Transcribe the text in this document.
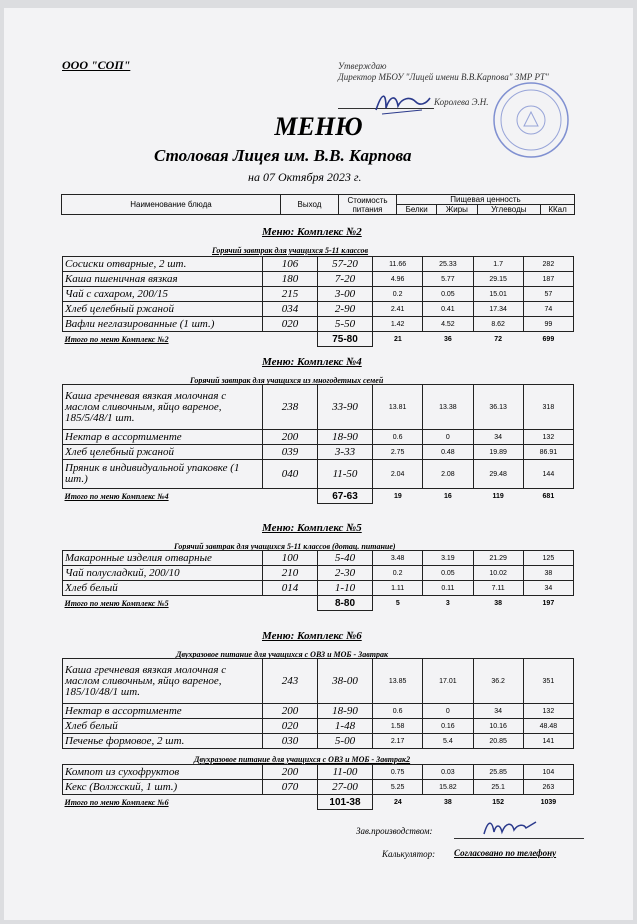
ООО "СОП"	Утверждаю
Директор МБОУ "Лицей имени В.В.Карпова" ЗМР РТ"
Королева Э.Н.
МЕНЮ
Столовая Лицея им. В.В. Карпова
на 07 Октября 2023 г.
Наименование блюда	Выход	Стоимость питания	Пищевая ценность			
			Белки	Жиры	Углеводы	ККал
Меню: Комплекс №2
Горячий завтрак для учащихся 5-11 классов
Сосиски отварные, 2 шт.	106	57-20	11.66	25.33	1.7	282
Каша пшеничная вязкая	180	7-20	4.96	5.77	29.15	187
Чай с сахаром, 200/15	215	3-00	0.2	0.05	15.01	57
Хлеб целебный ржаной	034	2-90	2.41	0.41	17.34	74
Вафли неглазированные (1 шт.)	020	5-50	1.42	4.52	8.62	99
Итого по меню Комплекс №2		75-80	21	36	72	699
Меню: Комплекс №4
Горячий завтрак для учащихся из многодетных семей
Каша гречневая вязкая молочная с маслом сливочным, яйцо вареное, 185/5/48/1 шт.	238	33-90	13.81	13.38	36.13	318
Нектар в ассортименте	200	18-90	0.6	0	34	132
Хлеб целебный ржаной	039	3-33	2.75	0.48	19.89	86.91
Пряник в индивидуальной упаковке (1 шт.)	040	11-50	2.04	2.08	29.48	144
Итого по меню Комплекс №4		67-63	19	16	119	681
Меню: Комплекс №5
Горячий завтрак для учащихся 5-11 классов (дотац. питание)
Макаронные изделия отварные	100	5-40	3.48	3.19	21.29	125
Чай полусладкий, 200/10	210	2-30	0.2	0.05	10.02	38
Хлеб белый	014	1-10	1.11	0.11	7.11	34
Итого по меню Комплекс №5		8-80	5	3	38	197
Меню: Комплекс №6
Двухразовое питание для учащихся с ОВЗ и МОБ - Завтрак
Каша гречневая вязкая молочная с маслом сливочным, яйцо вареное, 185/10/48/1 шт.	243	38-00	13.85	17.01	36.2	351
Нектар в ассортименте	200	18-90	0.6	0	34	132
Хлеб белый	020	1-48	1.58	0.16	10.16	48.48
Печенье формовое, 2 шт.	030	5-00	2.17	5.4	20.85	141
Двухразовое питание для учащихся с ОВЗ и МОБ - Завтрак2
Компот из сухофруктов	200	11-00	0.75	0.03	25.85	104
Кекс (Волжский, 1 шт.)	070	27-00	5.25	15.82	25.1	263
Итого по меню Комплекс №6		101-38	24	38	152	1039
Зав.производством:
Калькулятор: Согласовано по телефону
